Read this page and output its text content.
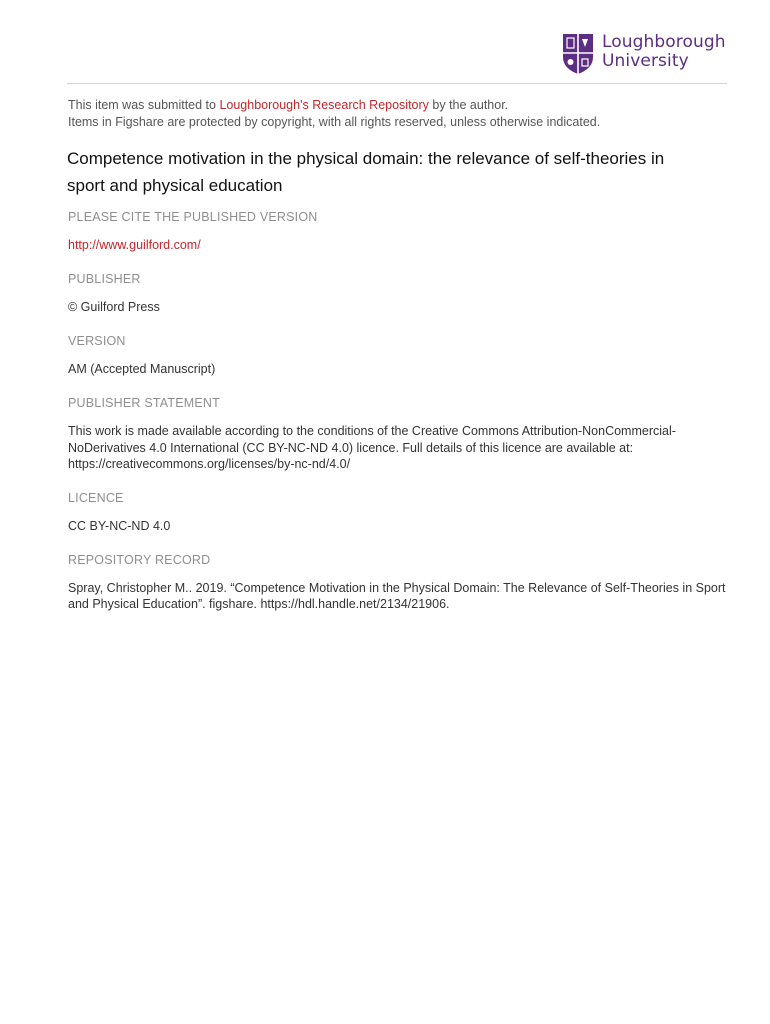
Loughborough
University
This item was submitted to Loughborough's Research Repository by the author.
Items in Figshare are protected by copyright, with all rights reserved, unless otherwise indicated.
Competence motivation in the physical domain: the relevance of self-theories in sport and physical education
PLEASE CITE THE PUBLISHED VERSION
http://www.guilford.com/
PUBLISHER
© Guilford Press
VERSION
AM (Accepted Manuscript)
PUBLISHER STATEMENT
This work is made available according to the conditions of the Creative Commons Attribution-NonCommercial-NoDerivatives 4.0 International (CC BY-NC-ND 4.0) licence. Full details of this licence are available at: https://creativecommons.org/licenses/by-nc-nd/4.0/
LICENCE
CC BY-NC-ND 4.0
REPOSITORY RECORD
Spray, Christopher M.. 2019. “Competence Motivation in the Physical Domain: The Relevance of Self-Theories in Sport and Physical Education”. figshare. https://hdl.handle.net/2134/21906.
